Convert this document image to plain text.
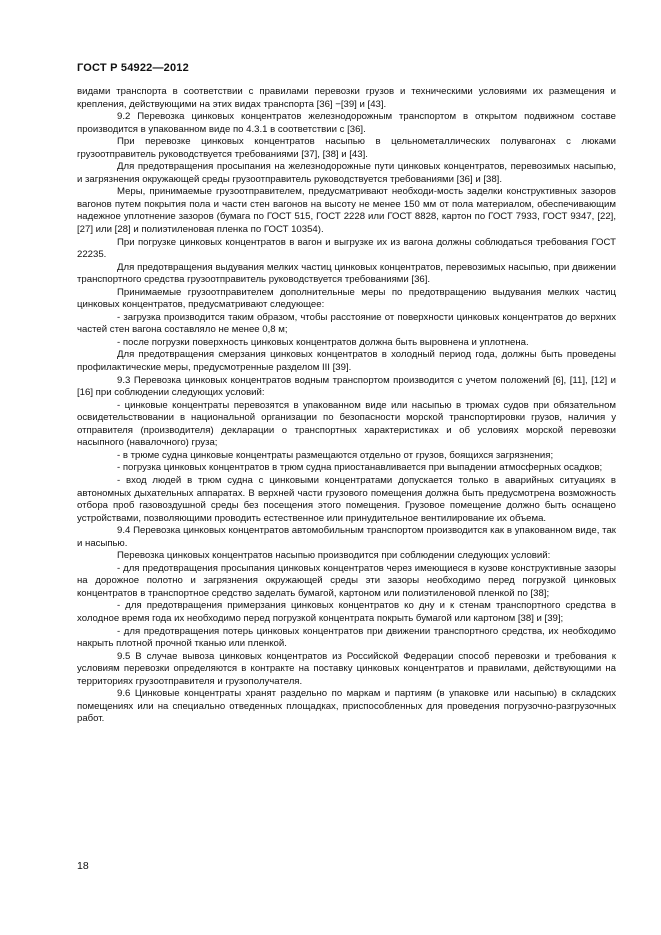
ГОСТ Р 54922—2012

видами транспорта в соответствии с правилами перевозки грузов и техническими условиями их размещения и крепления, действующими на этих видах транспорта [36] −[39] и [43].

9.2 Перевозка цинковых концентратов железнодорожным транспортом в открытом подвижном составе производится в упакованном виде по 4.3.1 в соответствии с [36].

При перевозке цинковых концентратов насыпью в цельнометаллических полувагонах с люками грузоотправитель руководствуется требованиями [37], [38] и [43].

Для предотвращения просыпания на железнодорожные пути цинковых концентратов, перевозимых насыпью, и загрязнения окружающей среды грузоотправитель руководствуется требованиями [36] и [38].

Меры, принимаемые грузоотправителем, предусматривают необходи-мость заделки конструктивных зазоров вагонов путем покрытия пола и части стен вагонов на высоту не менее 150 мм от пола материалом, обеспечивающим надежное уплотнение зазоров (бумага по ГОСТ 515, ГОСТ 2228 или ГОСТ 8828, картон по ГОСТ 7933, ГОСТ 9347, [22], [27] или [28] и полиэтиленовая пленка по ГОСТ 10354).

При погрузке цинковых концентратов в вагон и выгрузке их из вагона должны соблюдаться требования ГОСТ 22235.

Для предотвращения выдувания мелких частиц цинковых концентратов, перевозимых насыпью, при движении транспортного средства грузоотправитель руководствуется требованиями [36].

Принимаемые грузоотправителем дополнительные меры по предотвращению выдувания мелких частиц цинковых концентратов, предусматривают следующее:

- загрузка производится таким образом, чтобы расстояние от поверхности цинковых концентратов до верхних частей стен вагона составляло не менее 0,8 м;

- после погрузки поверхность цинковых концентратов должна быть выровнена и уплотнена.

Для предотвращения смерзания цинковых концентратов в холодный период года, должны быть проведены профилактические меры, предусмотренные разделом III [39].

9.3 Перевозка цинковых концентратов водным транспортом производится с учетом положений [6], [11], [12] и [16] при соблюдении следующих условий:

- цинковые концентраты перевозятся в упакованном виде или насыпью в трюмах судов при обязательном освидетельствовании в национальной организации по безопасности морской транспортировки грузов, наличия у отправителя (производителя) декларации о транспортных характеристиках и об условиях морской перевозки насыпного (навалочного) груза;

- в трюме судна цинковые концентраты размещаются отдельно от грузов, боящихся загрязнения;

- погрузка цинковых концентратов в трюм судна приостанавливается при выпадении атмосферных осадков;

- вход людей в трюм судна с цинковыми концентратами допускается только в аварийных ситуациях в автономных дыхательных аппаратах. В верхней части грузового помещения должна быть предусмотрена возможность отбора проб газовоздушной среды без посещения этого помещения. Грузовое помещение должно быть оснащено устройствами, позволяющими проводить естественное или принудительное вентилирование их объема.

9.4 Перевозка цинковых концентратов автомобильным транспортом производится как в упакованном виде, так и насыпью.

Перевозка цинковых концентратов насыпью производится при соблюдении следующих условий:

- для предотвращения просыпания цинковых концентратов через имеющиеся в кузове конструктивные зазоры на дорожное полотно и загрязнения окружающей среды эти зазоры необходимо перед погрузкой цинковых концентратов в транспортное средство заделать бумагой, картоном или полиэтиленовой пленкой по [38];

- для предотвращения примерзания цинковых концентратов ко дну и к стенам транспортного средства в холодное время года их необходимо перед погрузкой концентрата покрыть бумагой или картоном [38] и [39];

- для предотвращения потерь цинковых концентратов при движении транспортного средства, их необходимо накрыть плотной прочной тканью или пленкой.

9.5 В случае вывоза цинковых концентратов из Российской Федерации способ перевозки и требования к условиям перевозки определяются в контракте на поставку цинковых концентратов и правилами, действующими на территориях грузоотправителя и грузополучателя.

9.6 Цинковые концентраты хранят раздельно по маркам и партиям (в упаковке или насыпью) в складских помещениях или на специально отведенных площадках, приспособленных для проведения погрузочно-разгрузочных работ.

18
